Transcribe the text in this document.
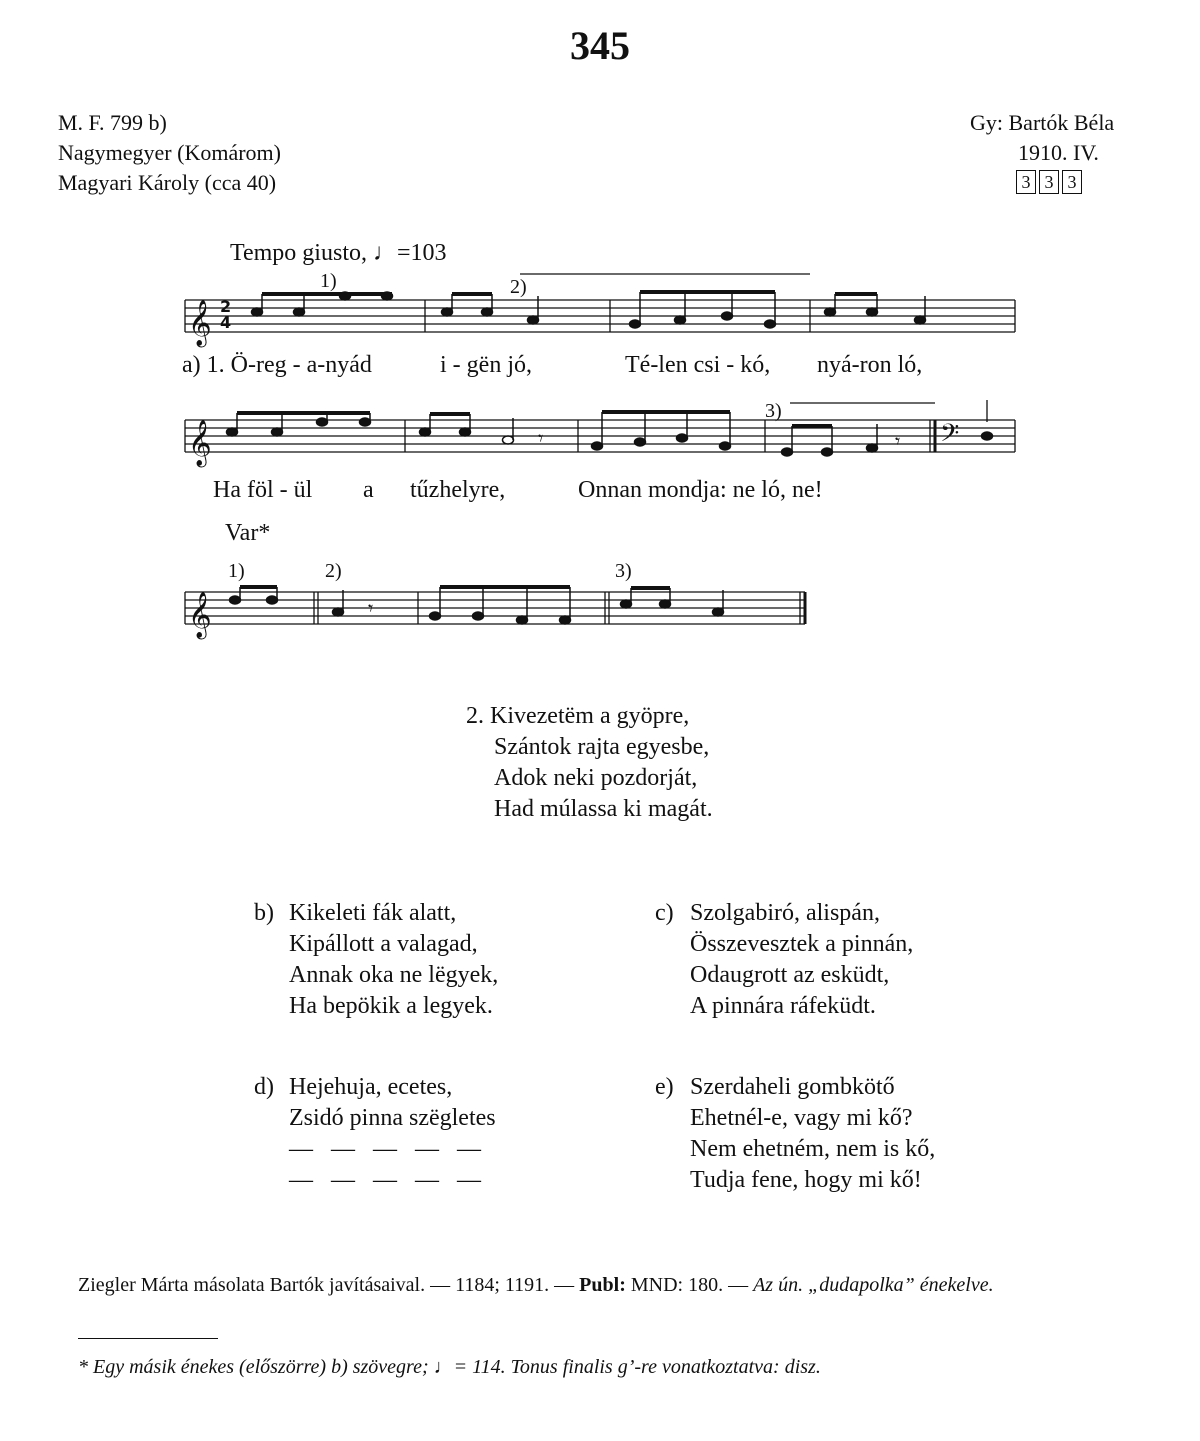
345
M. F. 799 b)
Nagymegyer (Komárom)
Magyari Károly (cca 40)
Gy: Bartók Béla
1910. IV.
3 3 3
Tempo giusto, ♩=103
𝄞 2
4
𝄞	𝄢
𝄞
𝄾	𝄾
𝄾
1)	2)
3)
1)	2)	3)
a) 1. Ö-reg - a-nyád	i - gën jó,	Té-len csi - kó, nyá-ron ló,
Ha föl - ül a tűzhelyre,	Onnan mondja: ne ló, ne!
Var*
2. Kivezetëm a gyöpre,
Szántok rajta egyesbe,
Adok neki pozdorját,
Had múlassa ki magát.
b) Kikeleti fák alatt,
Kipállott a valagad,
Annak oka ne lëgyek,
Ha bepökik a legyek.
c) Szolgabiró, alispán,
Összevesztek a pinnán,
Odaugrott az esküdt,
A pinnára ráfeküdt.
d) Hejehuja, ecetes,
Zsidó pinna szëgletes
—   —   —   —   —
—   —   —   —   —
e) Szerdaheli gombkötő
Ehetnél-e, vagy mi kő?
Nem ehetném, nem is kő,
Tudja fene, hogy mi kő!
Ziegler Márta másolata Bartók javításaival. — 1184; 1191. — Publ: MND: 180. — Az ún. „dudapolka” énekelve.
* Egy másik énekes (előszörre) b) szövegre; ♩= 114. Tonus finalis g’-re vonatkoztatva: disz.
